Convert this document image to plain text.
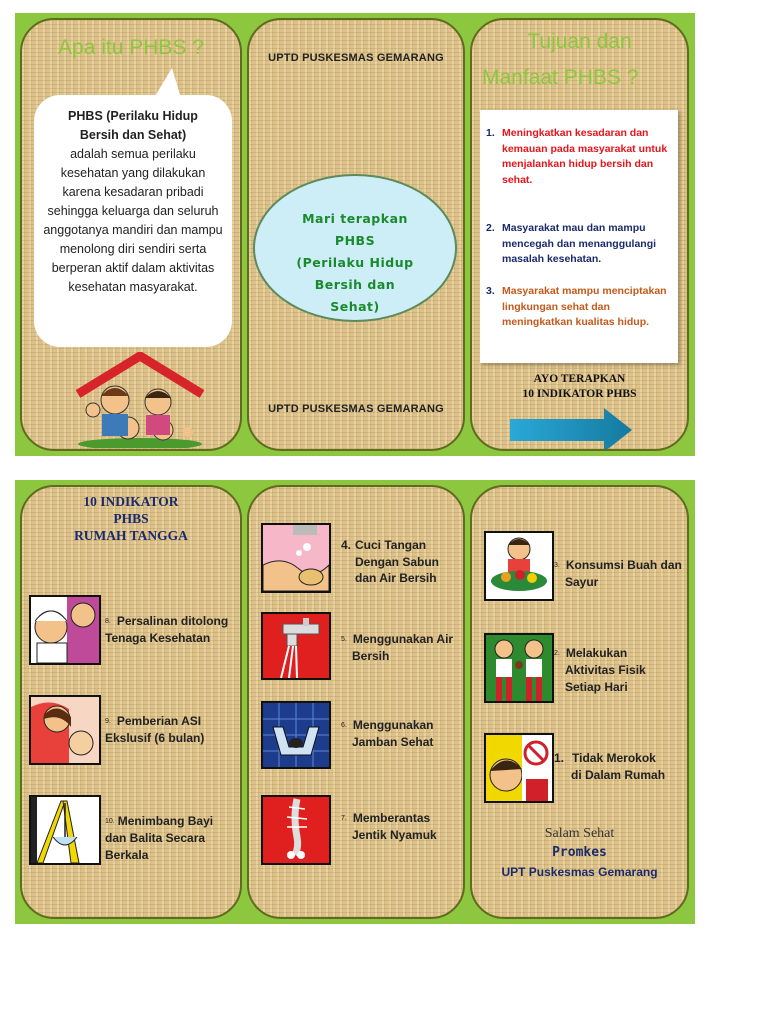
Apa itu PHBS ?
PHBS (Perilaku Hidup
Bersih dan Sehat)
adalah semua perilaku kesehatan yang dilakukan karena kesadaran pribadi sehingga keluarga dan seluruh anggotanya mandiri dan mampu menolong diri sendiri serta berperan aktif dalam aktivitas kesehatan masyarakat.
UPTD PUSKESMAS GEMARANG
Mari terapkan
PHBS
(Perilaku Hidup
Bersih dan
Sehat)
UPTD PUSKESMAS GEMARANG
Tujuan dan
Manfaat PHBS ?
1. Meningkatkan kesadaran dan kemauan pada masyarakat untuk menjalankan hidup bersih dan sehat.
2. Masyarakat mau dan mampu mencegah dan menanggulangi masalah kesehatan.
3. Masyarakat mampu menciptakan lingkungan sehat dan meningkatkan kualitas hidup.
AYO TERAPKAN
10 INDIKATOR PHBS
10 INDIKATOR
PHBS
RUMAH TANGGA
8. Persalinan ditolong
Tenaga Kesehatan
9. Pemberian ASI
Ekslusif (6 bulan)
10. Menimbang Bayi
dan Balita Secara
Berkala
4. Cuci Tangan
Dengan Sabun
dan Air Bersih
5. Menggunakan Air
Bersih
6. Menggunakan
Jamban Sehat
7. Memberantas
Jentik Nyamuk
3. Konsumsi Buah dan
Sayur
2. Melakukan
Aktivitas Fisik
Setiap Hari
1. Tidak Merokok
di Dalam Rumah
Salam Sehat
Promkes
UPT Puskesmas Gemarang
